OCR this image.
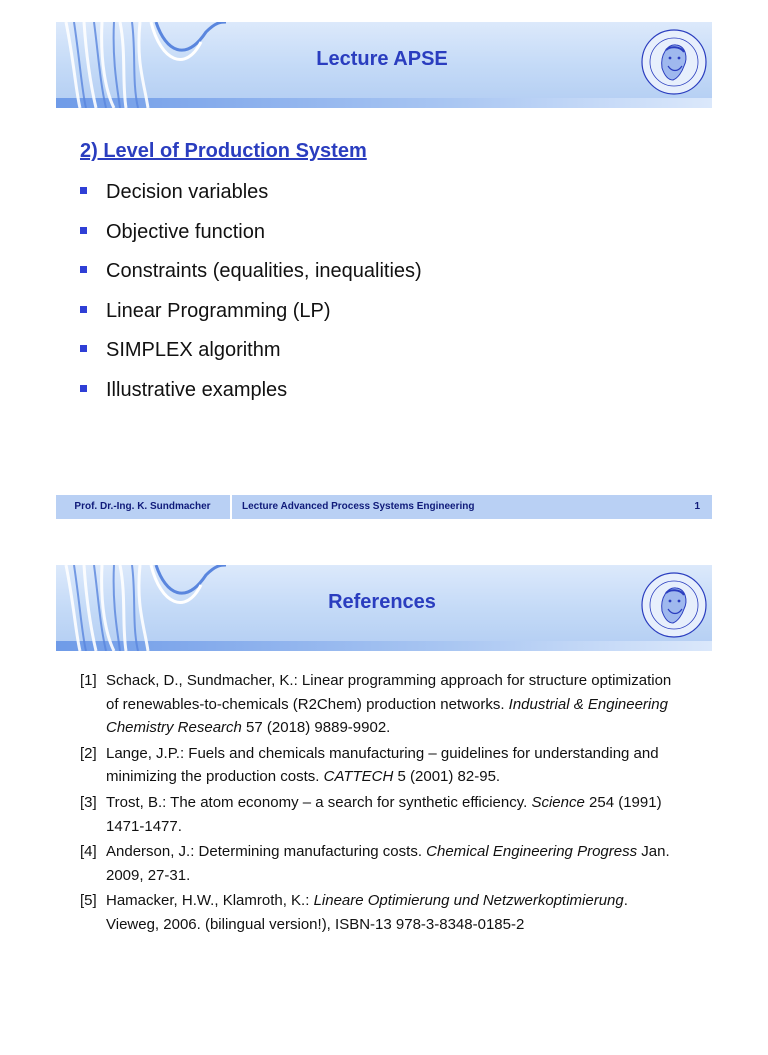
Lecture APSE
2) Level of Production System
Decision variables
Objective function
Constraints (equalities, inequalities)
Linear Programming (LP)
SIMPLEX algorithm
Illustrative examples
Prof. Dr.-Ing. K. Sundmacher	Lecture Advanced Process Systems Engineering	1
References
[1] Schack, D., Sundmacher, K.: Linear programming approach for structure optimization of renewables-to-chemicals (R2Chem) production networks. Industrial & Engineering Chemistry Research 57 (2018) 9889-9902.
[2] Lange, J.P.: Fuels and chemicals manufacturing – guidelines for understanding and minimizing the production costs. CATTECH 5 (2001) 82-95.
[3] Trost, B.: The atom economy – a search for synthetic efficiency. Science 254 (1991) 1471-1477.
[4] Anderson, J.: Determining manufacturing costs. Chemical Engineering Progress Jan. 2009, 27-31.
[5] Hamacker, H.W., Klamroth, K.: Lineare Optimierung und Netzwerkoptimierung. Vieweg, 2006. (bilingual version!), ISBN-13 978-3-8348-0185-2
